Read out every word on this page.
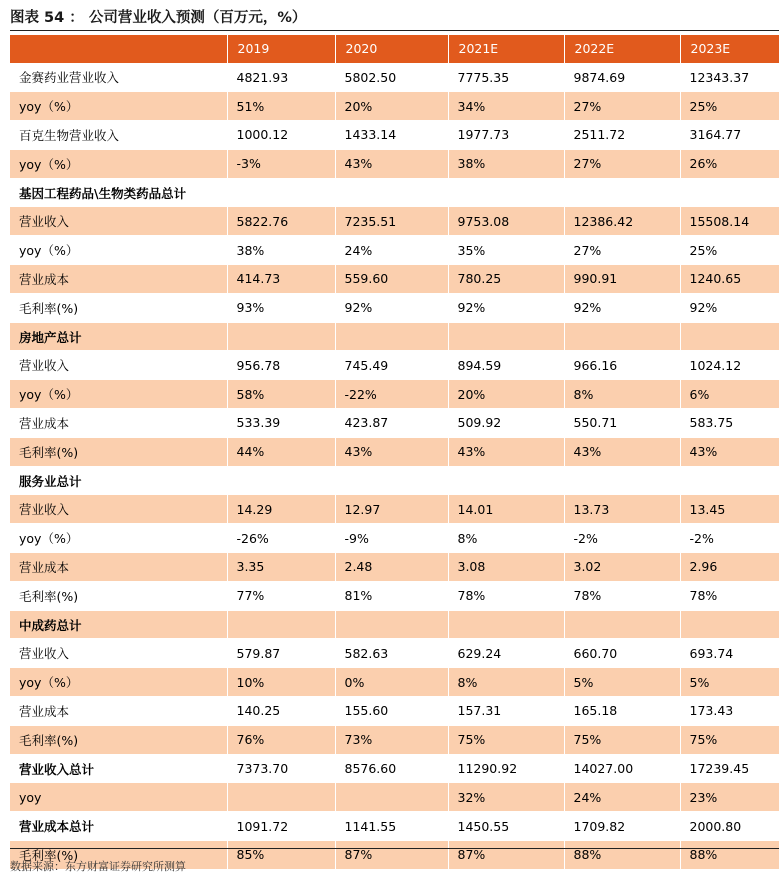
图表 54 ： 公司营业收入预测（百万元，%）
	2019	2020	2021E	2022E	2023E
金赛药业营业收入	4821.93	5802.50	7775.35	9874.69	12343.37
yoy（%）	51%	20%	34%	27%	25%
百克生物营业收入	1000.12	1433.14	1977.73	2511.72	3164.77
yoy（%）	-3%	43%	38%	27%	26%
基因工程药品\生物类药品总计					
营业收入	5822.76	7235.51	9753.08	12386.42	15508.14
yoy（%）	38%	24%	35%	27%	25%
营业成本	414.73	559.60	780.25	990.91	1240.65
毛利率(%)	93%	92%	92%	92%	92%
房地产总计					
营业收入	956.78	745.49	894.59	966.16	1024.12
yoy（%）	58%	-22%	20%	8%	6%
营业成本	533.39	423.87	509.92	550.71	583.75
毛利率(%)	44%	43%	43%	43%	43%
服务业总计					
营业收入	14.29	12.97	14.01	13.73	13.45
yoy（%）	-26%	-9%	8%	-2%	-2%
营业成本	3.35	2.48	3.08	3.02	2.96
毛利率(%)	77%	81%	78%	78%	78%
中成药总计					
营业收入	579.87	582.63	629.24	660.70	693.74
yoy（%）	10%	0%	8%	5%	5%
营业成本	140.25	155.60	157.31	165.18	173.43
毛利率(%)	76%	73%	75%	75%	75%
营业收入总计	7373.70	8576.60	11290.92	14027.00	17239.45
yoy			32%	24%	23%
营业成本总计	1091.72	1141.55	1450.55	1709.82	2000.80
毛利率(%)	85%	87%	87%	88%	88%
数据来源：东方财富证券研究所测算
